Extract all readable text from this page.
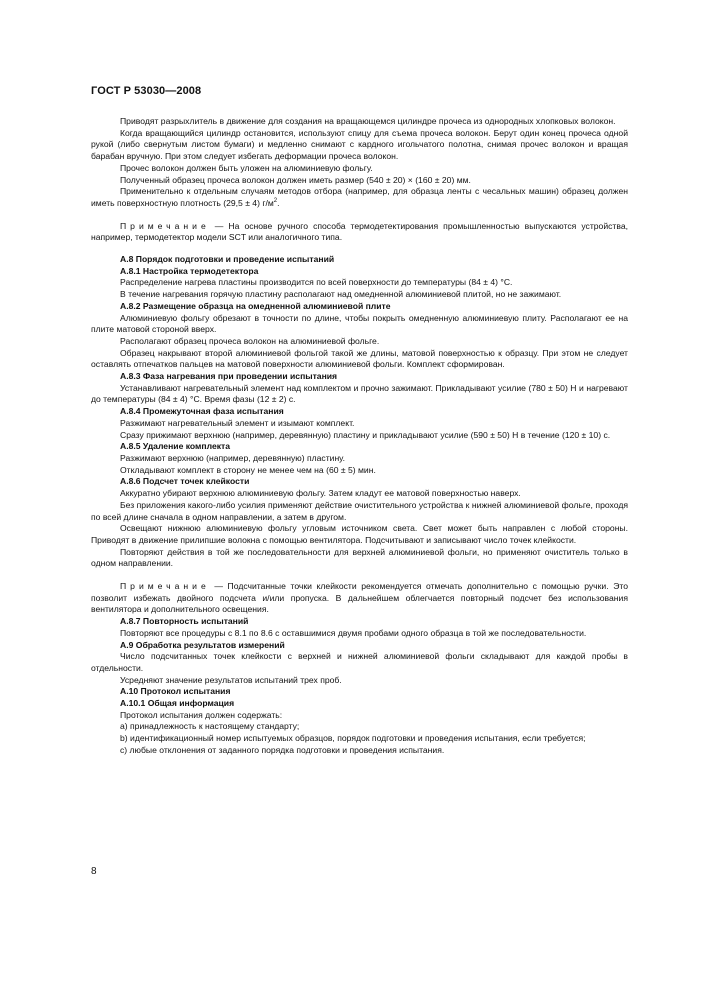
ГОСТ Р 53030—2008

Приводят разрыхлитель в движение для создания на вращающемся цилиндре прочеса из однородных хлопковых волокон.

Когда вращающийся цилиндр остановится, используют спицу для съема прочеса волокон. Берут один конец прочеса одной рукой (либо свернутым листом бумаги) и медленно снимают с кардного игольчатого полотна, снимая прочес волокон и вращая барабан вручную. При этом следует избегать деформации прочеса волокон.

Прочес волокон должен быть уложен на алюминиевую фольгу.

Полученный образец прочеса волокон должен иметь размер (540 ± 20) × (160 ± 20) мм.

Применительно к отдельным случаям методов отбора (например, для образца ленты с чесальных машин) образец должен иметь поверхностную плотность (29,5 ± 4) $г/м^2$.

Примечание — На основе ручного способа термодетектирования промышленностью выпускаются устройства, например, термодетектор модели SCT или аналогичного типа.

А.8 Порядок подготовки и проведение испытаний

А.8.1 Настройка термодетектора

Распределение нагрева пластины производится по всей поверхности до температуры (84 ± 4) °С.

В течение нагревания горячую пластину располагают над омедненной алюминиевой плитой, но не зажимают.

А.8.2 Размещение образца на омедненной алюминиевой плите

Алюминиевую фольгу обрезают в точности по длине, чтобы покрыть омедненную алюминиевую плиту. Располагают ее на плите матовой стороной вверх.

Располагают образец прочеса волокон на алюминиевой фольге.

Образец накрывают второй алюминиевой фольгой такой же длины, матовой поверхностью к образцу. При этом не следует оставлять отпечатков пальцев на матовой поверхности алюминиевой фольги. Комплект сформирован.

А.8.3 Фаза нагревания при проведении испытания

Устанавливают нагревательный элемент над комплектом и прочно зажимают. Прикладывают усилие (780 ± 50) Н и нагревают до температуры (84 ± 4) °С. Время фазы (12 ± 2) с.

А.8.4 Промежуточная фаза испытания

Разжимают нагревательный элемент и изымают комплект.

Сразу прижимают верхнюю (например, деревянную) пластину и прикладывают усилие (590 ± 50) Н в течение (120 ± 10) с.

А.8.5 Удаление комплекта

Разжимают верхнюю (например, деревянную) пластину.

Откладывают комплект в сторону не менее чем на (60 ± 5) мин.

А.8.6 Подсчет точек клейкости

Аккуратно убирают верхнюю алюминиевую фольгу. Затем кладут ее матовой поверхностью наверх.

Без приложения какого-либо усилия применяют действие очистительного устройства к нижней алюминиевой фольге, проходя по всей длине сначала в одном направлении, а затем в другом.

Освещают нижнюю алюминиевую фольгу угловым источником света. Свет может быть направлен с любой стороны. Приводят в движение прилипшие волокна с помощью вентилятора. Подсчитывают и записывают число точек клейкости.

Повторяют действия в той же последовательности для верхней алюминиевой фольги, но применяют очиститель только в одном направлении.

Примечание — Подсчитанные точки клейкости рекомендуется отмечать дополнительно с помощью ручки. Это позволит избежать двойного подсчета и/или пропуска. В дальнейшем облегчается повторный подсчет без использования вентилятора и дополнительного освещения.

А.8.7 Повторность испытаний

Повторяют все процедуры с 8.1 по 8.6 с оставшимися двумя пробами одного образца в той же последовательности.

А.9 Обработка результатов измерений

Число подсчитанных точек клейкости с верхней и нижней алюминиевой фольги складывают для каждой пробы в отдельности.

Усредняют значение результатов испытаний трех проб.

А.10 Протокол испытания

А.10.1 Общая информация

Протокол испытания должен содержать:

а) принадлежность к настоящему стандарту;

b) идентификационный номер испытуемых образцов, порядок подготовки и проведения испытания, если требуется;

с) любые отклонения от заданного порядка подготовки и проведения испытания.

8
